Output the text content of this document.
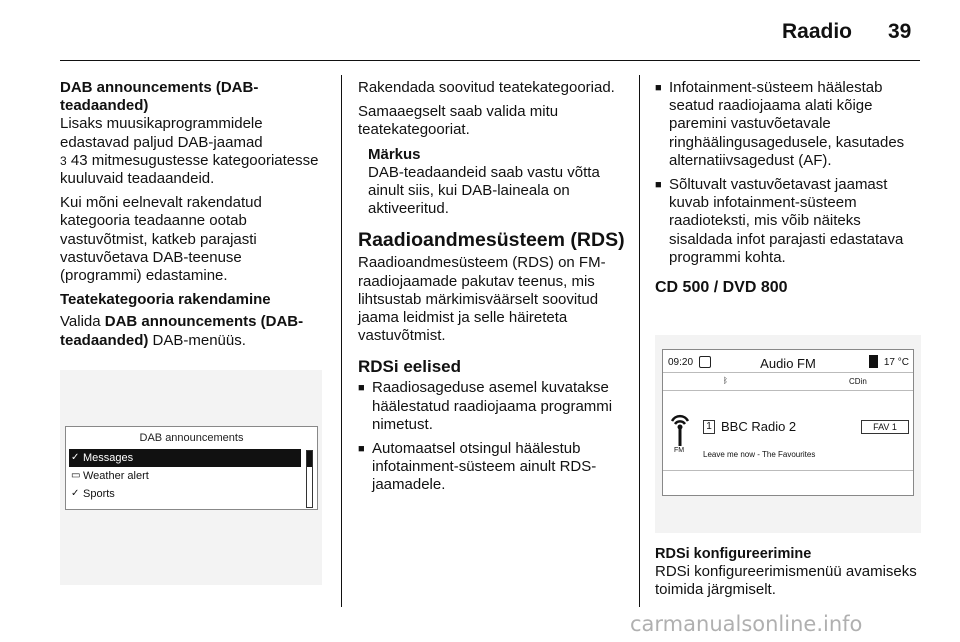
Raadio 39
DAB announcements (DAB-teadaanded)

Lisaks muusikaprogrammidele edastavad paljud DAB-jaamad
3 43 mitmesugustesse kategooriatesse kuuluvaid teadaandeid.

Kui mõni eelnevalt rakendatud kategooria teadaanne ootab vastuvõtmist, katkeb parajasti vastuvõetava DAB-teenuse (programmi) edastamine.

Teatekategooria rakendamine

Valida DAB announcements (DAB-teadaanded) DAB-menüüs.

DAB announcements
✓ Messages
▭ Weather alert
✓ Sports

Rakendada soovitud teatekategooriad.

Samaaegselt saab valida mitu teatekategooriat.

Märkus
DAB-teadaandeid saab vastu võtta ainult siis, kui DAB-laineala on aktiveeritud.
Raadioandmesüsteem (RDS)

Raadioandmesüsteem (RDS) on FM-raadiojaamade pakutav teenus, mis lihtsustab märkimisväärselt soovitud jaama leidmist ja selle häireteta vastuvõtmist.

RDSi eelised
■ Raadiosageduse asemel kuvatakse häälestatud raadiojaama programmi nimetust.
■ Automaatsel otsingul häälestub infotainment-süsteem ainult RDS-jaamadele.
■ Infotainment-süsteem häälestab seatud raadiojaama alati kõige paremini vastuvõetavale ringhäälingusagedusele, kasutades alternatiivsagedust (AF).
■ Sõltuvalt vastuvõetavast jaamast kuvab infotainment-süsteem raadioteksti, mis võib näiteks sisaldada infot parajasti edastatava programmi kohta.
CD 500 / DVD 800
09:20	Audio FM	17 °C
ᛒ	CDin
FM
1 BBC Radio 2	FAV 1
Leave me now - The Favourites
RDSi konfigureerimine
RDSi konfigureerimismenüü avamiseks toimida järgmiselt.
carmanualsonline.info
